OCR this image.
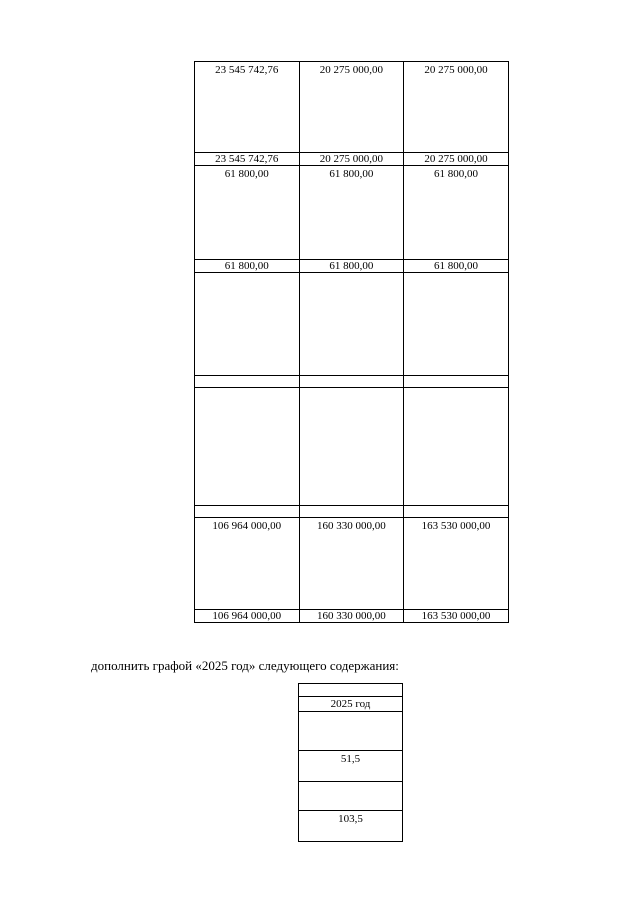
23 545 742,76	20 275 000,00	20 275 000,00
23 545 742,76	20 275 000,00	20 275 000,00
61 800,00	61 800,00	61 800,00
61 800,00	61 800,00	61 800,00

106 964 000,00	160 330 000,00	163 530 000,00
106 964 000,00	160 330 000,00	163 530 000,00
дополнить графой «2025 год» следующего содержания:

2025 год

51,5

103,5
